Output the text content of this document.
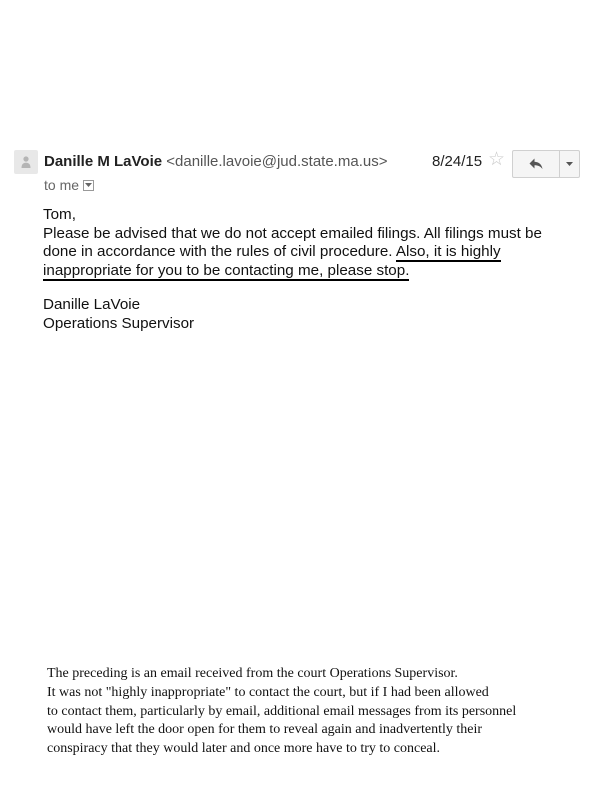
Danille M LaVoie <danille.lavoie@jud.state.ma.us>	8/24/15 ☆
to me

Tom,

Please be advised that we do not accept emailed filings. All filings must be

done in accordance with the rules of civil procedure. Also, it is highly

inappropriate for you to be contacting me, please stop.

Danille LaVoie
Operations Supervisor
The preceding is an email received from the court Operations Supervisor.
It was not "highly inappropriate" to contact the court, but if I had been allowed
to contact them, particularly by email, additional email messages from its personnel
would have left the door open for them to reveal again and inadvertently their
conspiracy that they would later and once more have to try to conceal.
